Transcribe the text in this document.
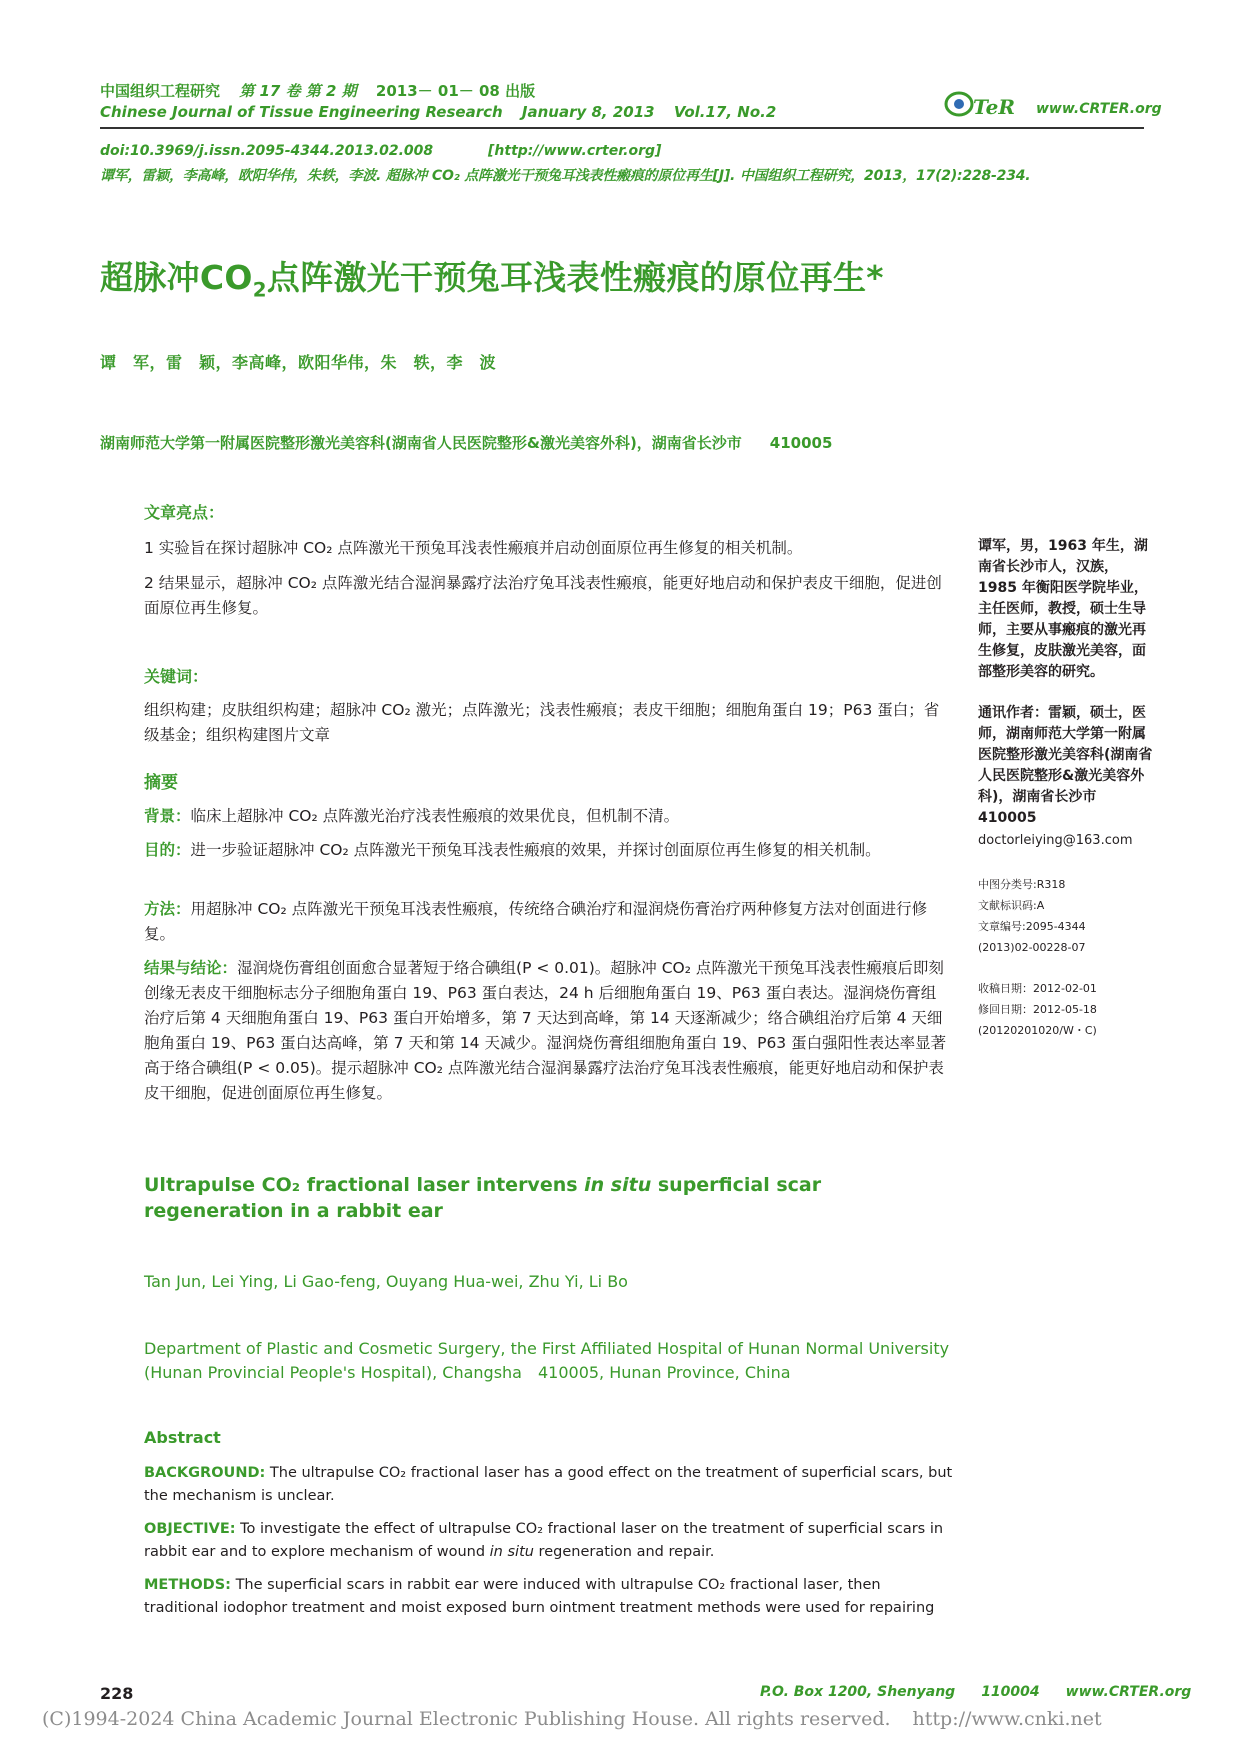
中国组织工程研究 第 17 卷 第 2 期 2013－ 01－ 08 出版
Chinese Journal of Tissue Engineering Research January 8, 2013 Vol.17, No.2	TeR www.CRTER.org
doi:10.3969/j.issn.2095-4344.2013.02.008	[http://www.crter.org]
谭军，雷颖，李高峰，欧阳华伟，朱轶，李波. 超脉冲 CO₂ 点阵激光干预兔耳浅表性瘢痕的原位再生[J]. 中国组织工程研究，2013，17(2):228-234.
超脉冲$CO_2$点阵激光干预兔耳浅表性瘢痕的原位再生*
谭　军，雷　颖，李高峰，欧阳华伟，朱　轶，李　波
湖南师范大学第一附属医院整形激光美容科(湖南省人民医院整形&激光美容外科)，湖南省长沙市 410005
文章亮点：
1 实验旨在探讨超脉冲 CO₂ 点阵激光干预兔耳浅表性瘢痕并启动创面原位再生修复的相关机制。
2 结果显示，超脉冲 CO₂ 点阵激光结合湿润暴露疗法治疗兔耳浅表性瘢痕，能更好地启动和保护表皮干细胞，促进创面原位再生修复。
关键词：
组织构建；皮肤组织构建；超脉冲 CO₂ 激光；点阵激光；浅表性瘢痕；表皮干细胞；细胞角蛋白 19；P63 蛋白；省级基金；组织构建图片文章
摘要
背景：临床上超脉冲 CO₂ 点阵激光治疗浅表性瘢痕的效果优良，但机制不清。
目的：进一步验证超脉冲 CO₂ 点阵激光干预兔耳浅表性瘢痕的效果，并探讨创面原位再生修复的相关机制。
方法：用超脉冲 CO₂ 点阵激光干预兔耳浅表性瘢痕，传统络合碘治疗和湿润烧伤膏治疗两种修复方法对创面进行修复。
结果与结论：湿润烧伤膏组创面愈合显著短于络合碘组(P < 0.01)。超脉冲 CO₂ 点阵激光干预兔耳浅表性瘢痕后即刻创缘无表皮干细胞标志分子细胞角蛋白 19、P63 蛋白表达，24 h 后细胞角蛋白 19、P63 蛋白表达。湿润烧伤膏组治疗后第 4 天细胞角蛋白 19、P63 蛋白开始增多，第 7 天达到高峰，第 14 天逐渐减少；络合碘组治疗后第 4 天细胞角蛋白 19、P63 蛋白达高峰，第 7 天和第 14 天减少。湿润烧伤膏组细胞角蛋白 19、P63 蛋白强阳性表达率显著高于络合碘组(P < 0.05)。提示超脉冲 CO₂ 点阵激光结合湿润暴露疗法治疗兔耳浅表性瘢痕，能更好地启动和保护表皮干细胞，促进创面原位再生修复。
谭军，男，1963 年生，湖南省长沙市人，汉族，1985 年衡阳医学院毕业，主任医师，教授，硕士生导师，主要从事瘢痕的激光再生修复，皮肤激光美容，面部整形美容的研究。
通讯作者：雷颖，硕士，医师，湖南师范大学第一附属医院整形激光美容科(湖南省人民医院整形&激光美容外科)，湖南省长沙市　410005
doctorleiying@163.com
中图分类号:R318
文献标识码:A
文章编号:2095-4344
(2013)02-00228-07
收稿日期：2012-02-01
修回日期：2012-05-18
(20120201020/W・C)
Ultrapulse CO₂ fractional laser intervens in situ superficial scar regeneration in a rabbit ear
Tan Jun, Lei Ying, Li Gao-feng, Ouyang Hua-wei, Zhu Yi, Li Bo
Department of Plastic and Cosmetic Surgery, the First Affiliated Hospital of Hunan Normal University
(Hunan Provincial People's Hospital), Changsha　410005, Hunan Province, China
Abstract
BACKGROUND: The ultrapulse CO₂ fractional laser has a good effect on the treatment of superficial scars, but the mechanism is unclear.
OBJECTIVE: To investigate the effect of ultrapulse CO₂ fractional laser on the treatment of superficial scars in rabbit ear and to explore mechanism of wound in situ regeneration and repair.
METHODS: The superficial scars in rabbit ear were induced with ultrapulse CO₂ fractional laser, then traditional iodophor treatment and moist exposed burn ointment treatment methods were used for repairing
228	P.O. Box 1200, Shenyang 110004 www.CRTER.org
(C)1994-2024 China Academic Journal Electronic Publishing House. All rights reserved. http://www.cnki.net
